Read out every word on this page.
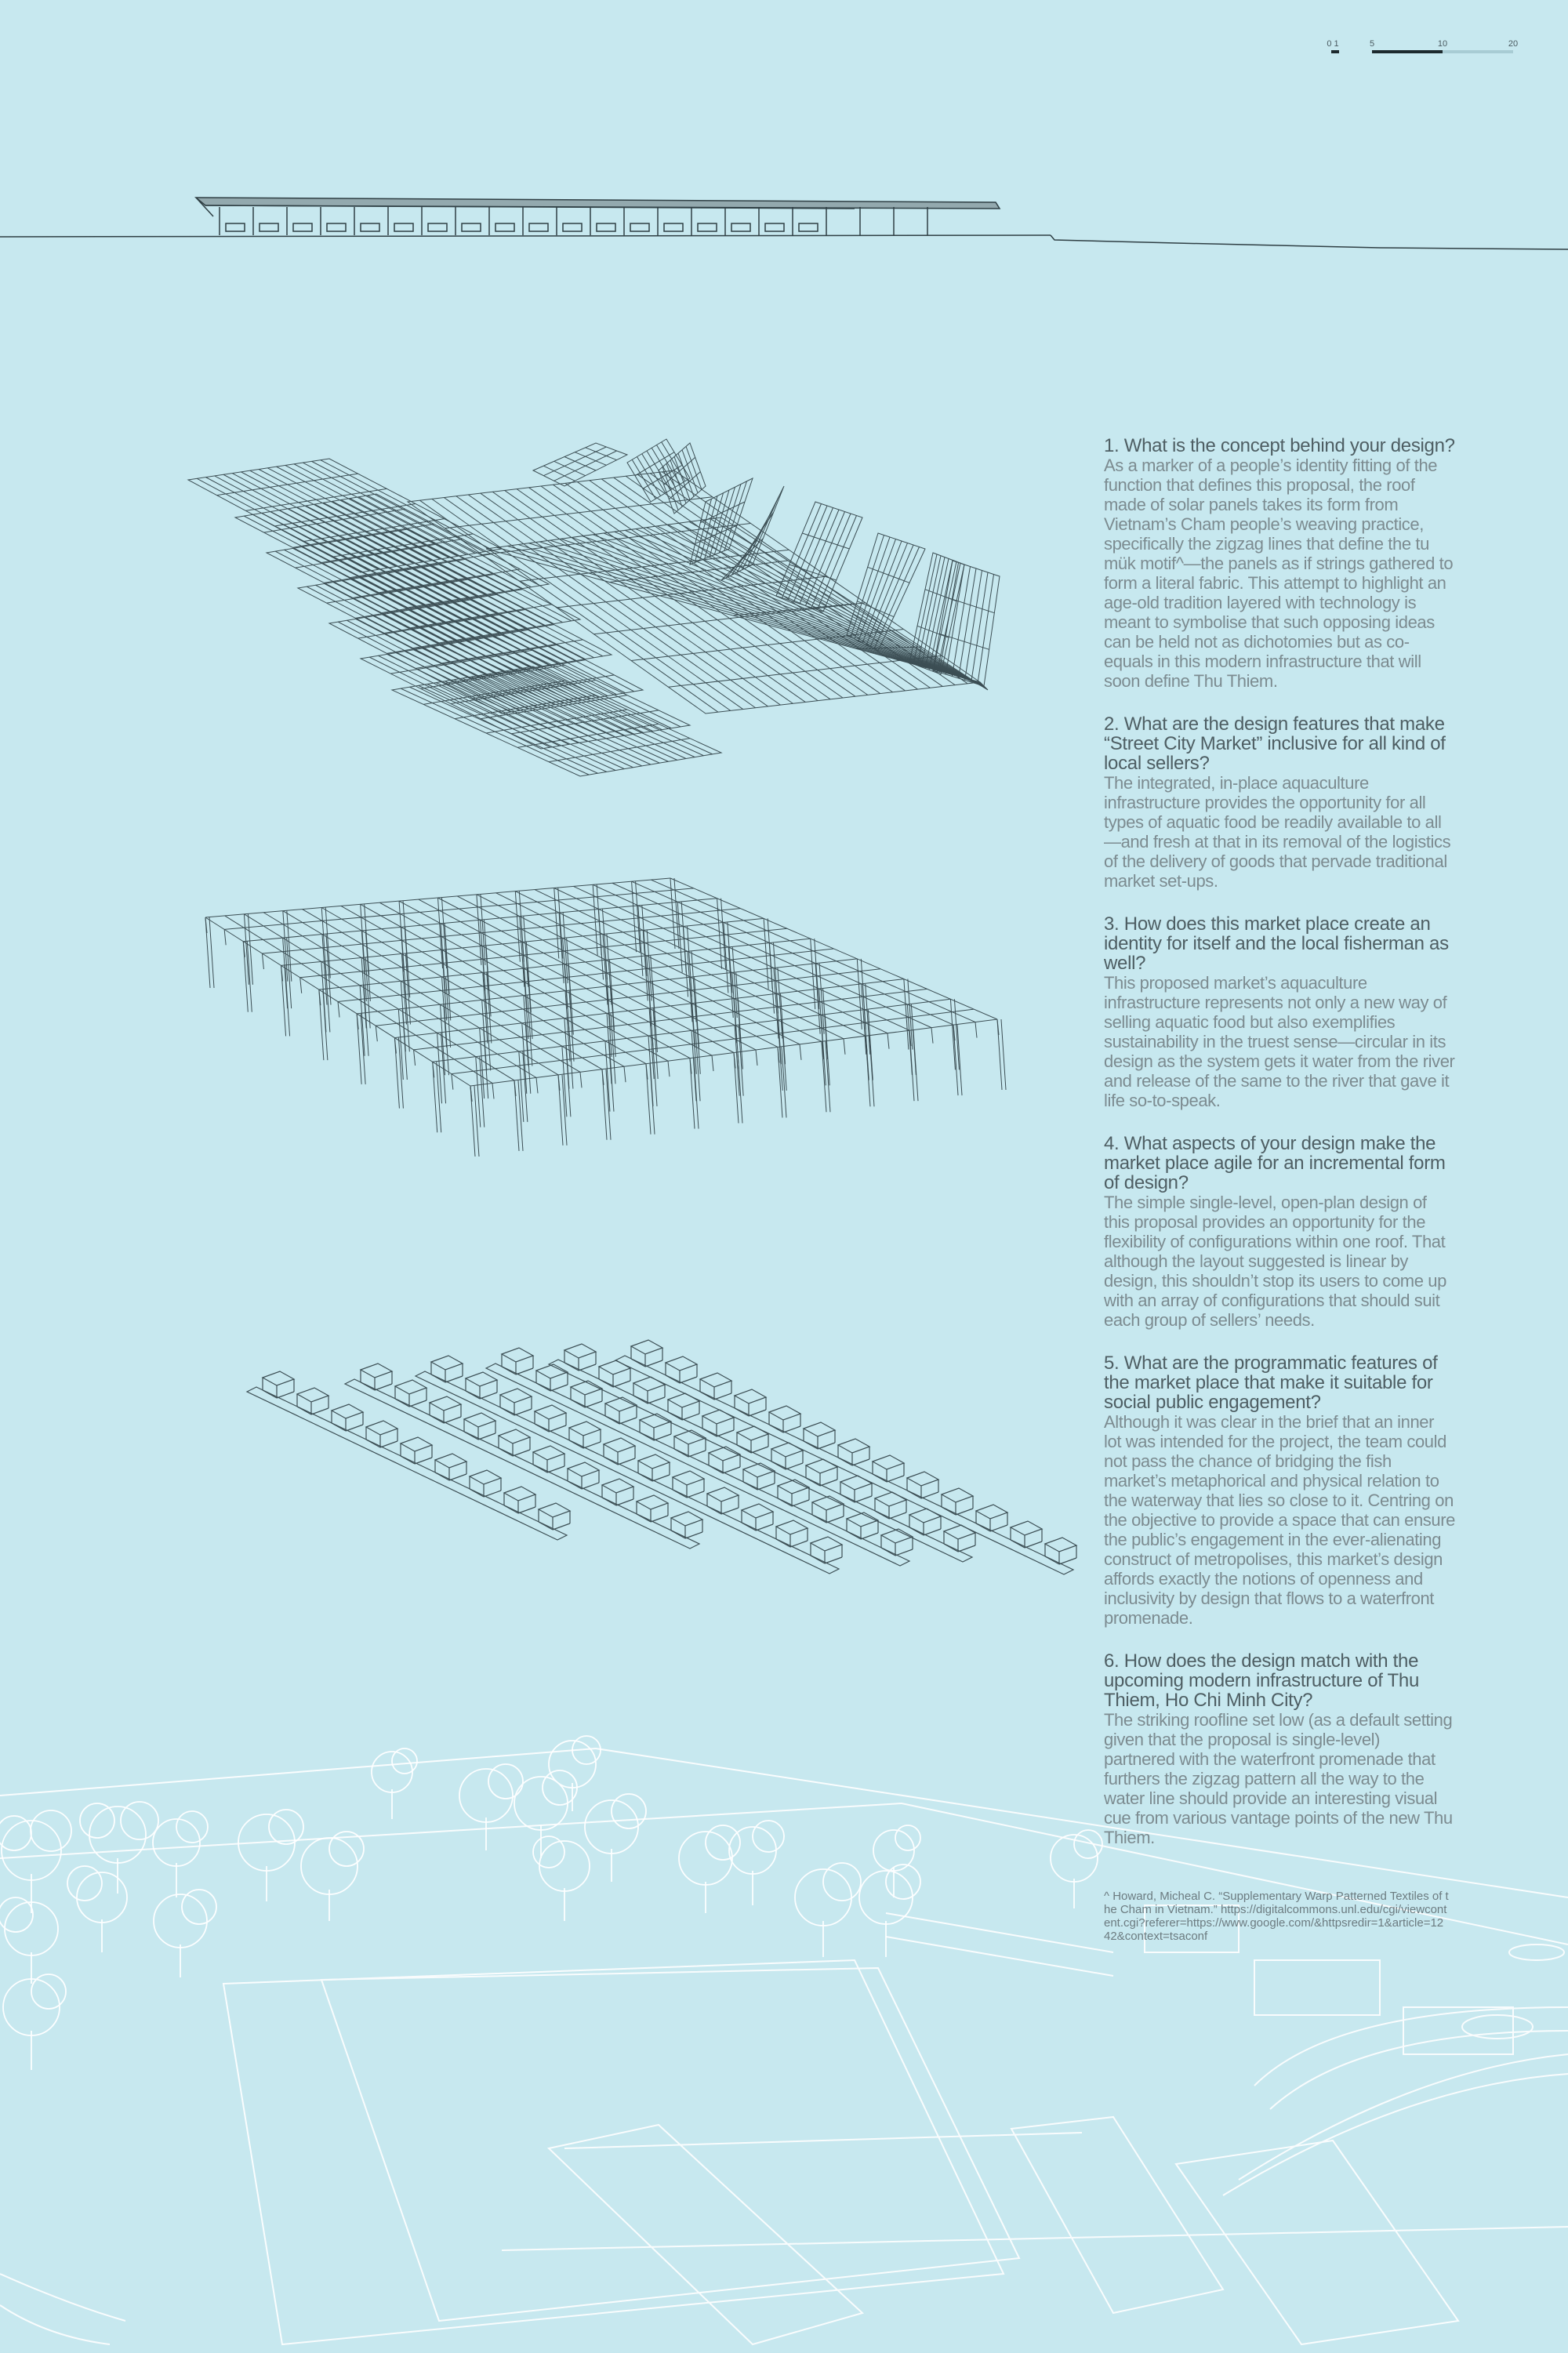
0 1	5	10	20
1. What is the concept behind your design?
As a marker of a people’s identity fitting of the function that defines this proposal, the roof made of solar panels takes its form from Vietnam’s Cham people’s weaving practice, specifically the zigzag lines that define the tu mük motif^—the panels as if strings gathered to form a literal fabric. This attempt to highlight an age-old tradition layered with technology is meant to symbolise that such opposing ideas can be held not as dichotomies but as co-equals in this modern infrastructure that will soon define Thu Thiem.
2. What are the design features that make “Street City Market” inclusive for all kind of local sellers?
The integrated, in-place aquaculture infrastructure provides the opportunity for all types of aquatic food be readily available to all—and fresh at that in its removal of the logistics of the delivery of goods that pervade traditional market set-ups.
3. How does this market place create an identity for itself and the local fisherman as well?
This proposed market’s aquaculture infrastructure represents not only a new way of selling aquatic food but also exemplifies sustainability in the truest sense—circular in its design as the system gets it water from the river and release of the same to the river that gave it life so-to-speak.
4. What aspects of your design make the market place agile for an incremental form of design?
The simple single-level, open-plan design of this proposal provides an opportunity for the flexibility of configurations within one roof. That although the layout suggested is linear by design, this shouldn’t stop its users to come up with an array of configurations that should suit each group of sellers’ needs.
5. What are the programmatic features of the market place that make it suitable for social public engagement?
Although it was clear in the brief that an inner lot was intended for the project, the team could not pass the chance of bridging the fish market’s metaphorical and physical relation to the waterway that lies so close to it. Centring on the objective to provide a space that can ensure the public’s engagement in the ever-alienating construct of metropolises, this market’s design affords exactly the notions of openness and inclusivity by design that flows to a waterfront promenade.
6. How does the design match with the upcoming modern infrastructure of Thu Thiem, Ho Chi Minh City?
The striking roofline set low (as a default setting given that the proposal is single-level) partnered with the waterfront promenade that furthers the zigzag pattern all the way to the water line should provide an interesting visual cue from various vantage points of the new Thu Thiem.
^ Howard, Micheal C. “Supplementary Warp Patterned Textiles of the Cham in Vietnam.” https://digitalcommons.unl.edu/cgi/viewcontent.cgi?referer=https://www.google.com/&httpsredir=1&article=1242&context=tsaconf
